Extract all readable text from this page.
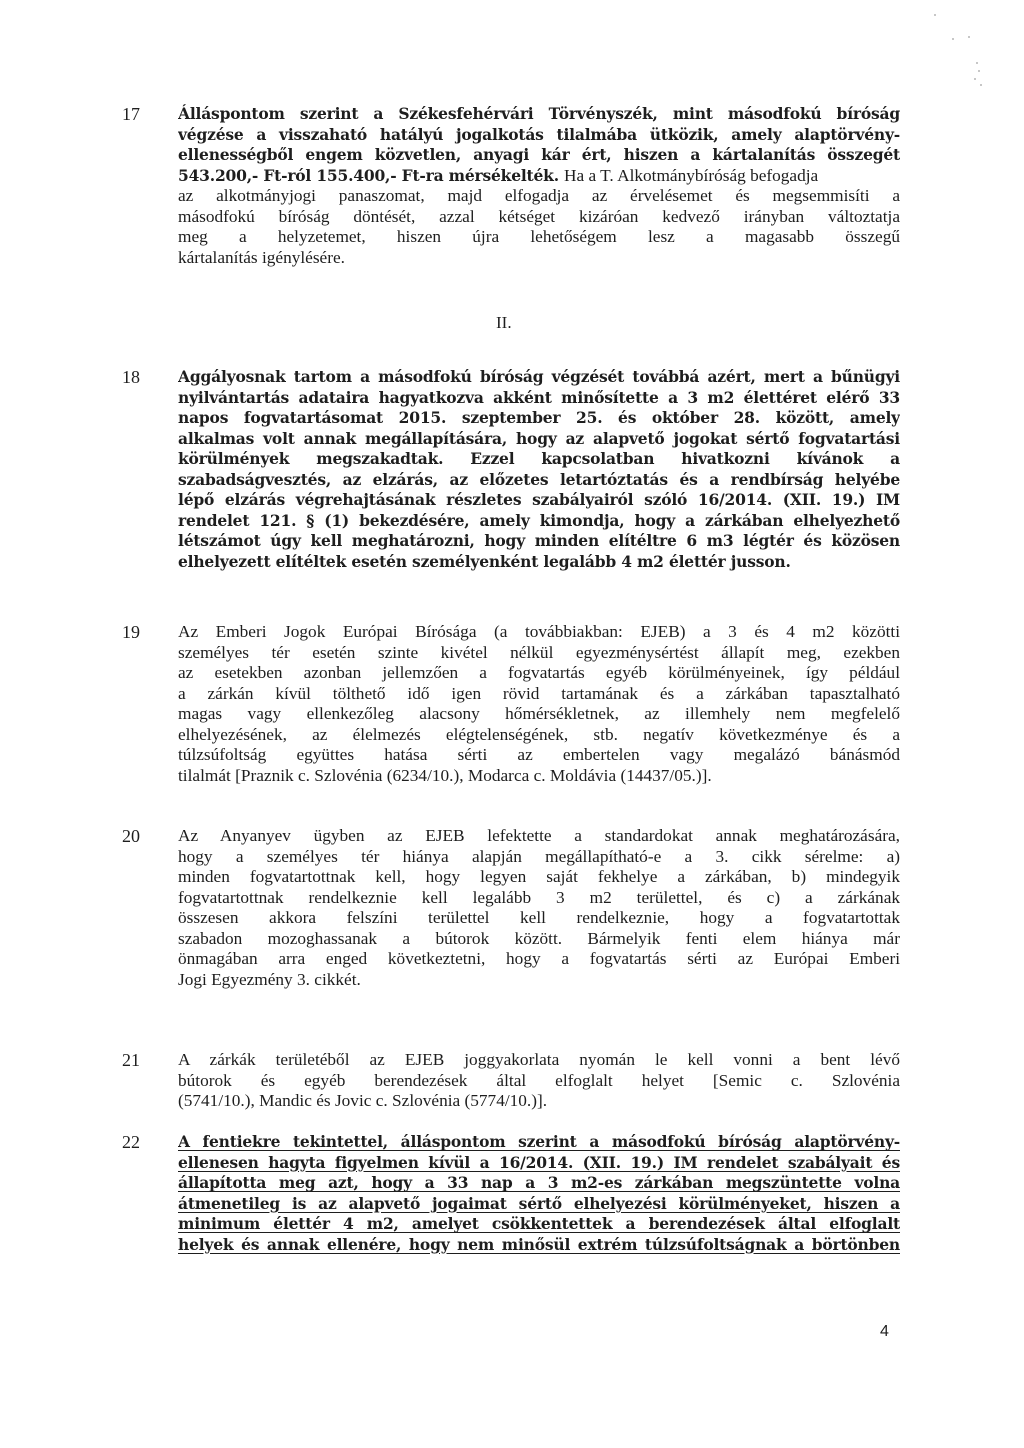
17 Álláspontom szerint a Székesfehérvári Törvényszék, mint másodfokú bíróság
végzése a visszaható hatályú jogalkotás tilalmába ütközik, amely alaptörvény-
ellenességből engem közvetlen, anyagi kár ért, hiszen a kártalanítás összegét
543.200,- Ft-ról 155.400,- Ft-ra mérsékelték. Ha a T. Alkotmánybíróság befogadja
az alkotmányjogi panaszomat, majd elfogadja az érvelésemet és megsemmisíti a
másodfokú bíróság döntését, azzal kétséget kizáróan kedvező irányban változtatja
meg a helyzetemet, hiszen újra lehetőségem lesz a magasabb összegű
kártalanítás igénylésére.
II.
18 Aggályosnak tartom a másodfokú bíróság végzését továbbá azért, mert a bűnügyi
nyilvántartás adataira hagyatkozva akként minősítette a 3 m2 élettéret elérő 33
napos fogvatartásomat 2015. szeptember 25. és október 28. között, amely
alkalmas volt annak megállapítására, hogy az alapvető jogokat sértő fogvatartási
körülmények megszakadtak. Ezzel kapcsolatban hivatkozni kívánok a
szabadságvesztés, az elzárás, az előzetes letartóztatás és a rendbírság helyébe
lépő elzárás végrehajtásának részletes szabályairól szóló 16/2014. (XII. 19.) IM
rendelet 121. § (1) bekezdésére, amely kimondja, hogy a zárkában elhelyezhető
létszámot úgy kell meghatározni, hogy minden elítéltre 6 m3 légtér és közösen
elhelyezett elítéltek esetén személyenként legalább 4 m2 élettér jusson.
19 Az Emberi Jogok Európai Bírósága (a továbbiakban: EJEB) a 3 és 4 m2 közötti
személyes tér esetén szinte kivétel nélkül egyezménysértést állapít meg, ezekben
az esetekben azonban jellemzően a fogvatartás egyéb körülményeinek, így például
a zárkán kívül tölthető idő igen rövid tartamának és a zárkában tapasztalható
magas vagy ellenkezőleg alacsony hőmérsékletnek, az illemhely nem megfelelő
elhelyezésének, az élelmezés elégtelenségének, stb. negatív következménye és a
túlzsúfoltság együttes hatása sérti az embertelen vagy megalázó bánásmód
tilalmát [Praznik c. Szlovénia (6234/10.), Modarca c. Moldávia (14437/05.)].
20 Az Anyanyev ügyben az EJEB lefektette a standardokat annak meghatározására,
hogy a személyes tér hiánya alapján megállapítható-e a 3. cikk sérelme: a)
minden fogvatartottnak kell, hogy legyen saját fekhelye a zárkában, b) mindegyik
fogvatartottnak rendelkeznie kell legalább 3 m2 területtel, és c) a zárkának
összesen akkora felszíni területtel kell rendelkeznie, hogy a fogvatartottak
szabadon mozoghassanak a bútorok között. Bármelyik fenti elem hiánya már
önmagában arra enged következtetni, hogy a fogvatartás sérti az Európai Emberi
Jogi Egyezmény 3. cikkét.
21 A zárkák területéből az EJEB joggyakorlata nyomán le kell vonni a bent lévő
bútorok és egyéb berendezések által elfoglalt helyet [Semic c. Szlovénia
(5741/10.), Mandic és Jovic c. Szlovénia (5774/10.)].
22 A fentiekre tekintettel, álláspontom szerint a másodfokú bíróság alaptörvény-
ellenesen hagyta figyelmen kívül a 16/2014. (XII. 19.) IM rendelet szabályait és
állapította meg azt, hogy a 33 nap a 3 m2-es zárkában megszüntette volna
átmenetileg is az alapvető jogaimat sértő elhelyezési körülményeket, hiszen a
minimum élettér 4 m2, amelyet csökkentettek a berendezések által elfoglalt
helyek és annak ellenére, hogy nem minősül extrém túlzsúfoltságnak a börtönben
4
